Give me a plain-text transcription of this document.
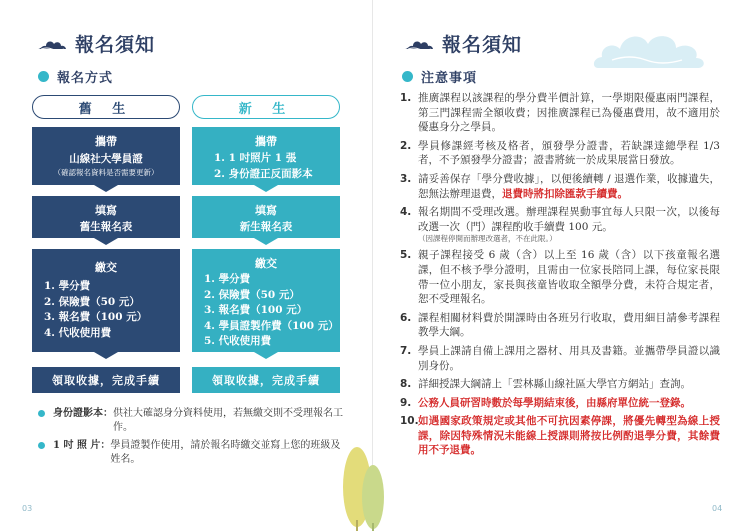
報名須知
報名方式
舊 生
攜帶
山線社大學員證
（確認報名資料是否需要更新）
填寫
舊生報名表
繳交
1. 學分費
2. 保險費（50 元）
3. 報名費（100 元）
4. 代收使用費
領取收據，完成手續
新 生
攜帶
1. 1 吋照片 1 張
2. 身份證正反面影本
填寫
新生報名表
繳交
1. 學分費
2. 保險費（50 元）
3. 報名費（100 元）
4. 學員證製作費（100 元）
5. 代收使用費
領取收據，完成手續
身份證影本： 供社大確認身分資料使用，若無繳交則不受理報名工作。
1 吋 照 片： 學員證製作使用，請於報名時繳交並寫上您的班級及姓名。
03
報名須知
注意事項
1. 推廣課程以該課程的學分費半價計算，一學期限優惠兩門課程，第三門課程需全額收費；因推廣課程已為優惠費用，故不適用於優惠身分之學員。
2. 學員修課經考核及格者，頒發學分證書，若缺課達總學程 1/3 者，不予頒發學分證書；證書將統一於成果展當日發放。
3. 請妥善保存「學分費收據」，以便後續轉 / 退選作業，收據遺失，恕無法辦理退費，退費時將扣除匯款手續費。
4. 報名期間不受理改選。辦理課程異動事宜每人只限一次，以後每改選一次（門）課程酌收手續費 100 元。
（因課程停開而辦理改選者，不在此限。）
5. 親子課程接受 6 歲（含）以上至 16 歲（含）以下孩童報名選課，但不核予學分證明，且需由一位家長陪同上課，每位家長限帶一位小朋友，家長與孩童皆收取全額學分費，未符合規定者，恕不受理報名。
6. 課程相關材料費於開課時由各班另行收取，費用細目請參考課程教學大綱。
7. 學員上課請自備上課用之器材、用具及書籍。並攜帶學員證以識別身份。
8. 詳細授課大綱請上「雲林縣山線社區大學官方網站」查詢。
9. 公務人員研習時數於每學期結束後，由縣府單位統一登錄。
10. 如遇國家政策規定或其他不可抗因素停課，將優先轉型為線上授課，除因特殊情況未能線上授課則將按比例酌退學分費，其餘費用不予退費。
04
